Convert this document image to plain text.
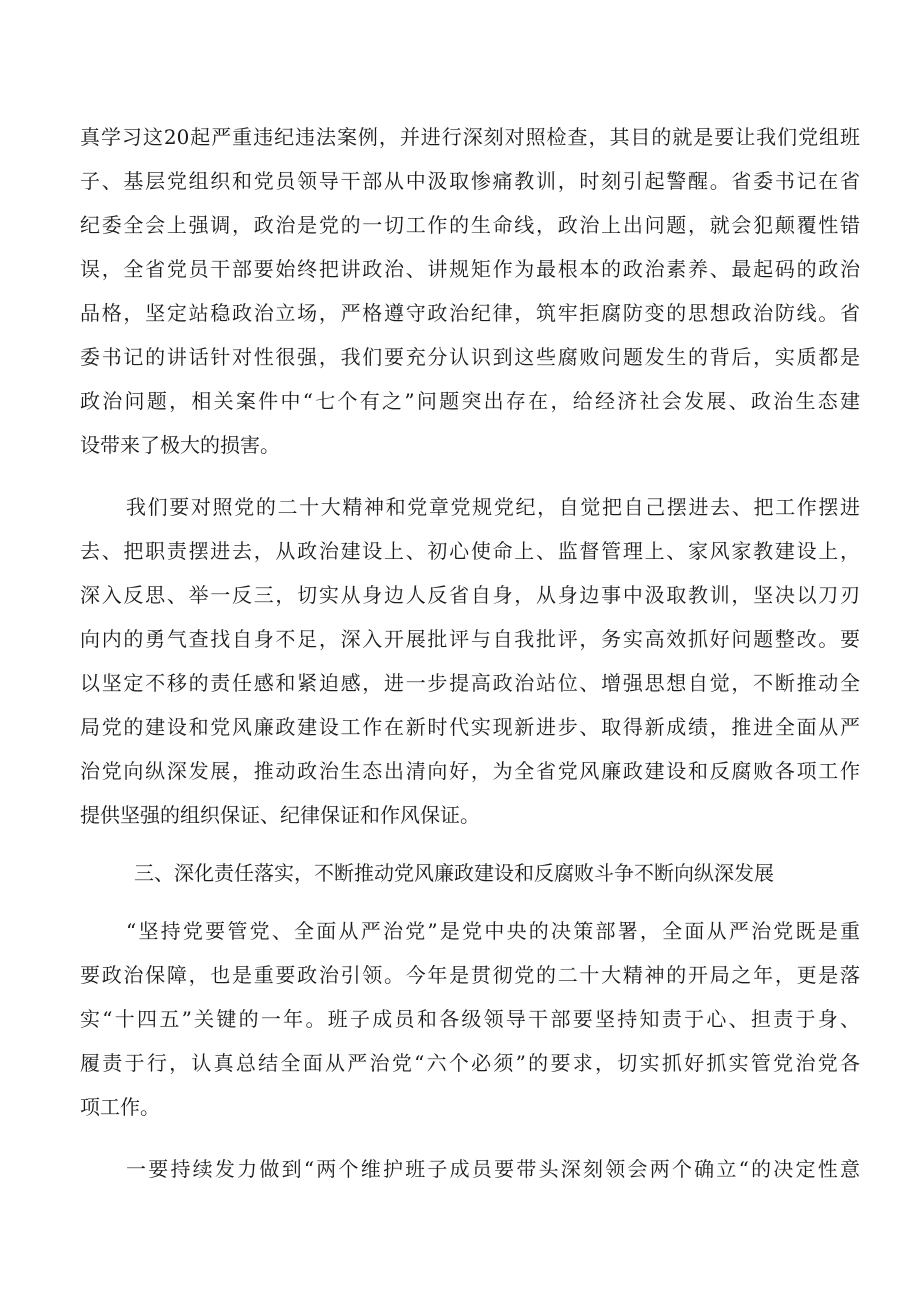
真学习这20起严重违纪违法案例，并进行深刻对照检查，其目的就是要让我们党组班
子、基层党组织和党员领导干部从中汲取惨痛教训，时刻引起警醒。省委书记在省
纪委全会上强调，政治是党的一切工作的生命线，政治上出问题，就会犯颠覆性错
误，全省党员干部要始终把讲政治、讲规矩作为最根本的政治素养、最起码的政治
品格，坚定站稳政治立场，严格遵守政治纪律，筑牢拒腐防变的思想政治防线。省
委书记的讲话针对性很强，我们要充分认识到这些腐败问题发生的背后，实质都是
政治问题，相关案件中“七个有之”问题突出存在，给经济社会发展、政治生态建
设带来了极大的损害。
我们要对照党的二十大精神和党章党规党纪，自觉把自己摆进去、把工作摆进
去、把职责摆进去，从政治建设上、初心使命上、监督管理上、家风家教建设上，
深入反思、举一反三，切实从身边人反省自身，从身边事中汲取教训，坚决以刀刃
向内的勇气查找自身不足，深入开展批评与自我批评，务实高效抓好问题整改。要
以坚定不移的责任感和紧迫感，进一步提高政治站位、增强思想自觉，不断推动全
局党的建设和党风廉政建设工作在新时代实现新进步、取得新成绩，推进全面从严
治党向纵深发展，推动政治生态出清向好，为全省党风廉政建设和反腐败各项工作
提供坚强的组织保证、纪律保证和作风保证。
三、深化责任落实，不断推动党风廉政建设和反腐败斗争不断向纵深发展
“坚持党要管党、全面从严治党”是党中央的决策部署，全面从严治党既是重
要政治保障，也是重要政治引领。今年是贯彻党的二十大精神的开局之年，更是落
实“十四五”关键的一年。班子成员和各级领导干部要坚持知责于心、担责于身、
履责于行，认真总结全面从严治党“六个必须”的要求，切实抓好抓实管党治党各
项工作。
一要持续发力做到“两个维护班子成员要带头深刻领会两个确立“的决定性意
